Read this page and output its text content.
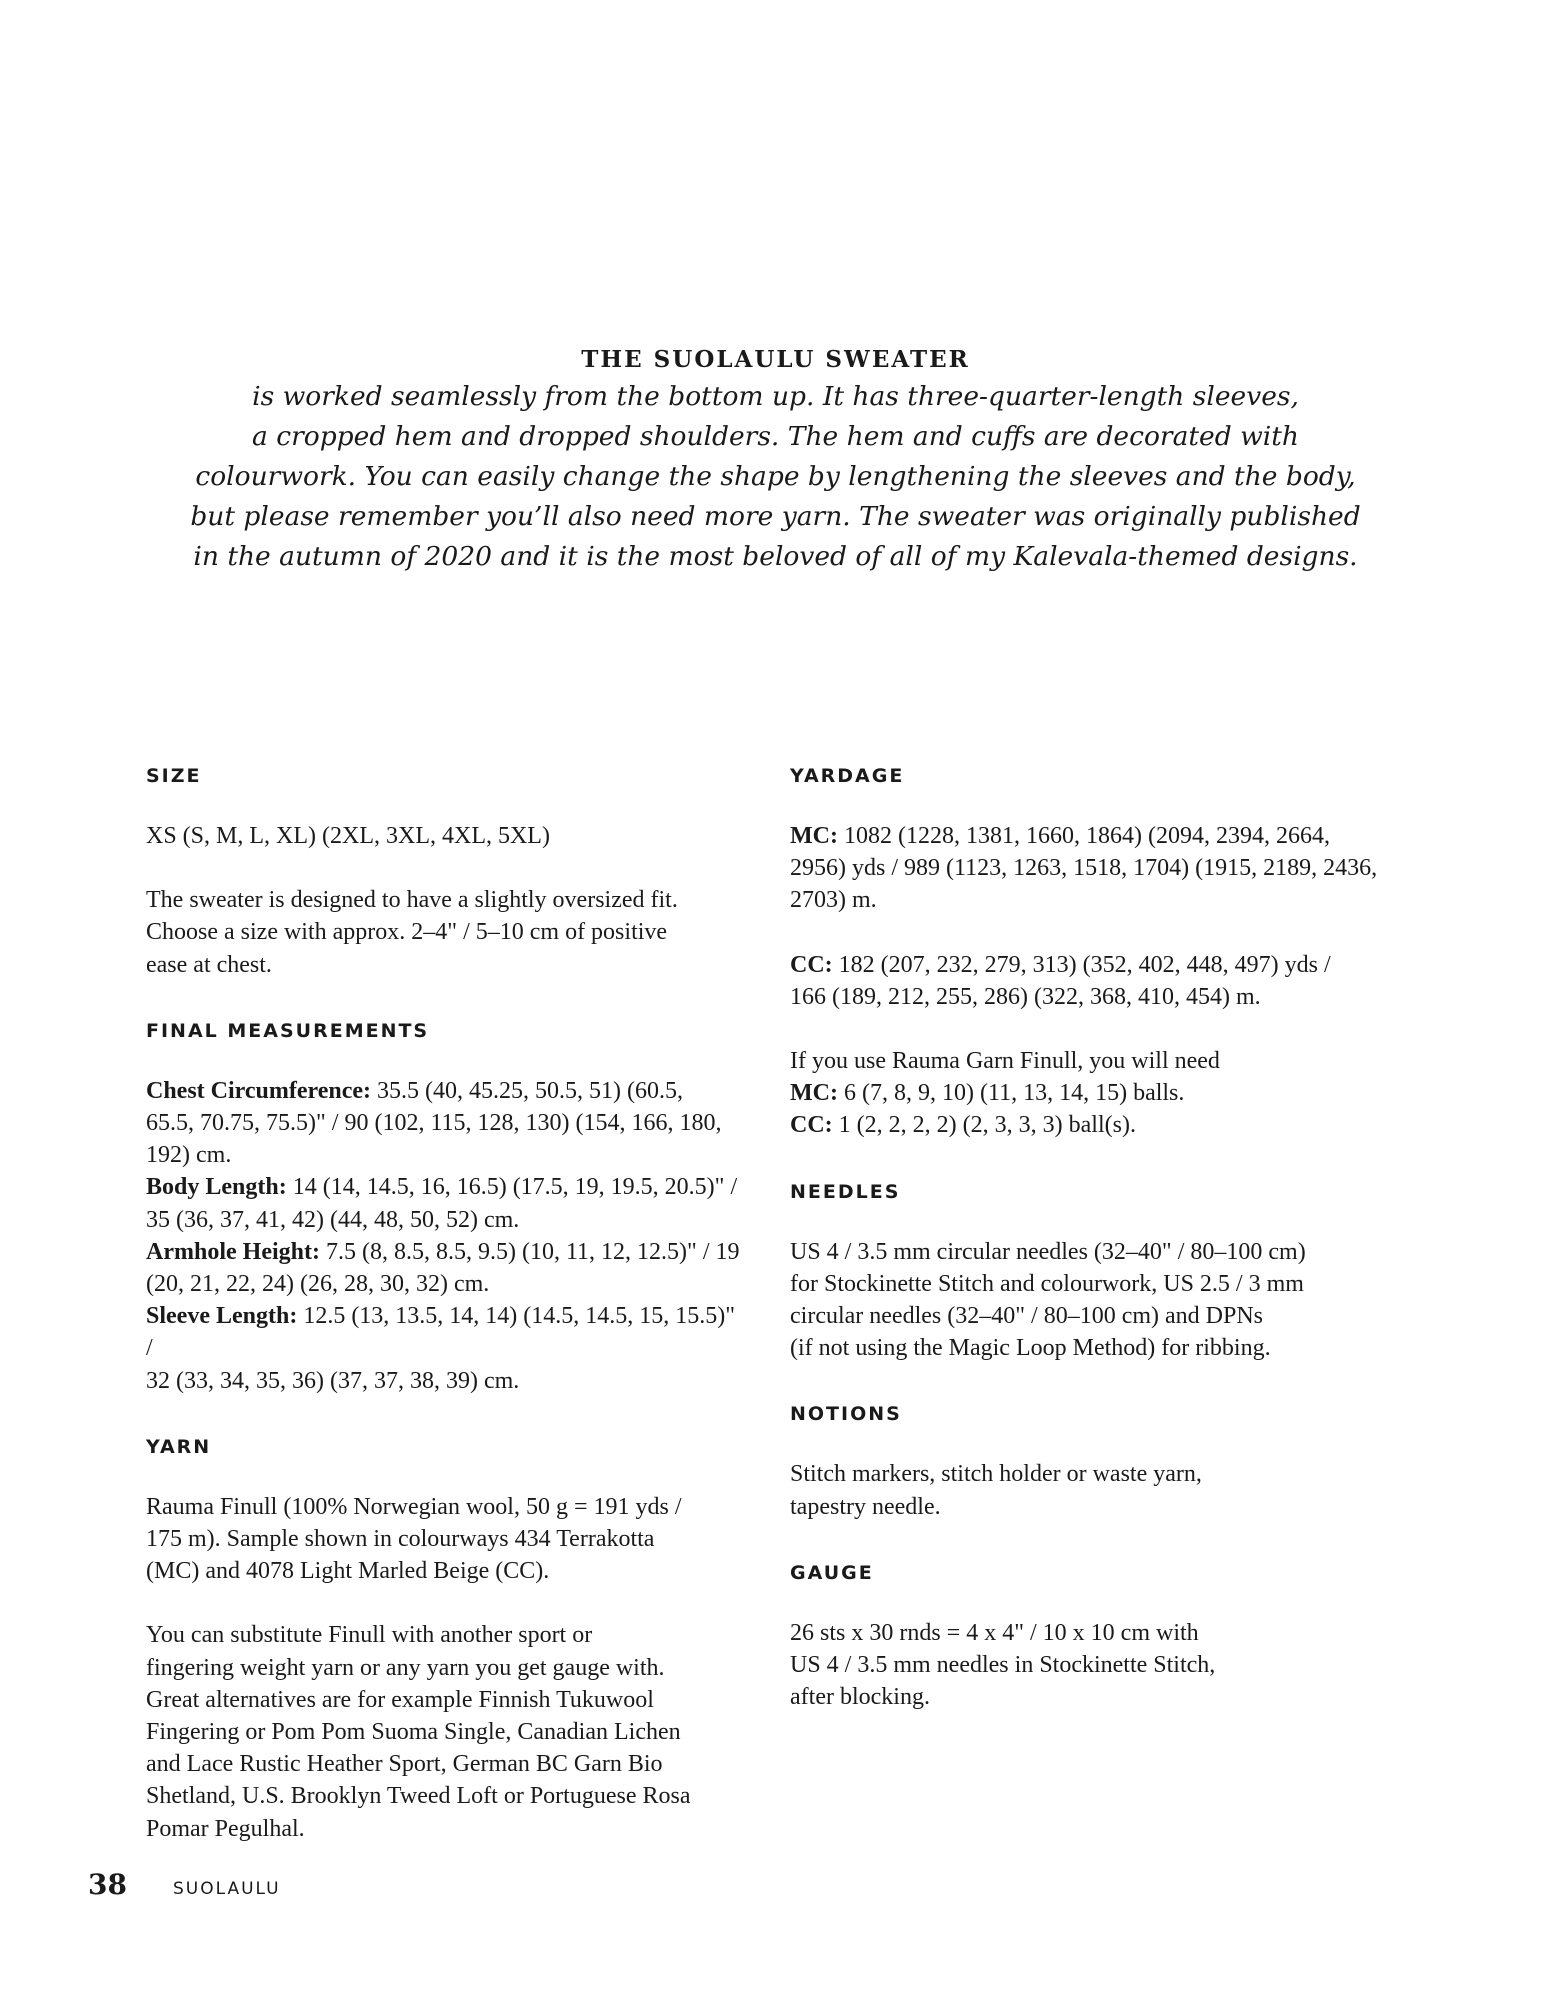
THE SUOLAULU SWEATER

is worked seamlessly from the bottom up. It has three-quarter-length sleeves,
a cropped hem and dropped shoulders. The hem and cuffs are decorated with
colourwork. You can easily change the shape by lengthening the sleeves and the body,
but please remember you’ll also need more yarn. The sweater was originally published
in the autumn of 2020 and it is the most beloved of all of my Kalevala-themed designs.

SIZE

XS (S, M, L, XL) (2XL, 3XL, 4XL, 5XL)

The sweater is designed to have a slightly oversized fit.
Choose a size with approx. 2–4" / 5–10 cm of positive
ease at chest.

FINAL MEASUREMENTS

Chest Circumference: 35.5 (40, 45.25, 50.5, 51) (60.5,
65.5, 70.75, 75.5)" / 90 (102, 115, 128, 130) (154, 166, 180,
192) cm.
Body Length: 14 (14, 14.5, 16, 16.5) (17.5, 19, 19.5, 20.5)" /
35 (36, 37, 41, 42) (44, 48, 50, 52) cm.
Armhole Height: 7.5 (8, 8.5, 8.5, 9.5) (10, 11, 12, 12.5)" / 19
(20, 21, 22, 24) (26, 28, 30, 32) cm.
Sleeve Length: 12.5 (13, 13.5, 14, 14) (14.5, 14.5, 15, 15.5)" /
32 (33, 34, 35, 36) (37, 37, 38, 39) cm.

YARN

Rauma Finull (100% Norwegian wool, 50 g = 191 yds /
175 m). Sample shown in colourways 434 Terrakotta
(MC) and 4078 Light Marled Beige (CC).

You can substitute Finull with another sport or
fingering weight yarn or any yarn you get gauge with.
Great alternatives are for example Finnish Tukuwool
Fingering or Pom Pom Suoma Single, Canadian Lichen
and Lace Rustic Heather Sport, German BC Garn Bio
Shetland, U.S. Brooklyn Tweed Loft or Portuguese Rosa
Pomar Pegulhal.

YARDAGE

MC: 1082 (1228, 1381, 1660, 1864) (2094, 2394, 2664,
2956) yds / 989 (1123, 1263, 1518, 1704) (1915, 2189, 2436,
2703) m.

CC: 182 (207, 232, 279, 313) (352, 402, 448, 497) yds /
166 (189, 212, 255, 286) (322, 368, 410, 454) m.

If you use Rauma Garn Finull, you will need
MC: 6 (7, 8, 9, 10) (11, 13, 14, 15) balls.
CC: 1 (2, 2, 2, 2) (2, 3, 3, 3) ball(s).

NEEDLES

US 4 / 3.5 mm circular needles (32–40" / 80–100 cm)
for Stockinette Stitch and colourwork, US 2.5 / 3 mm
circular needles (32–40" / 80–100 cm) and DPNs
(if not using the Magic Loop Method) for ribbing.

NOTIONS

Stitch markers, stitch holder or waste yarn,
tapestry needle.

GAUGE

26 sts x 30 rnds = 4 x 4" / 10 x 10 cm with
US 4 / 3.5 mm needles in Stockinette Stitch,
after blocking.

38	SUOLAULU
